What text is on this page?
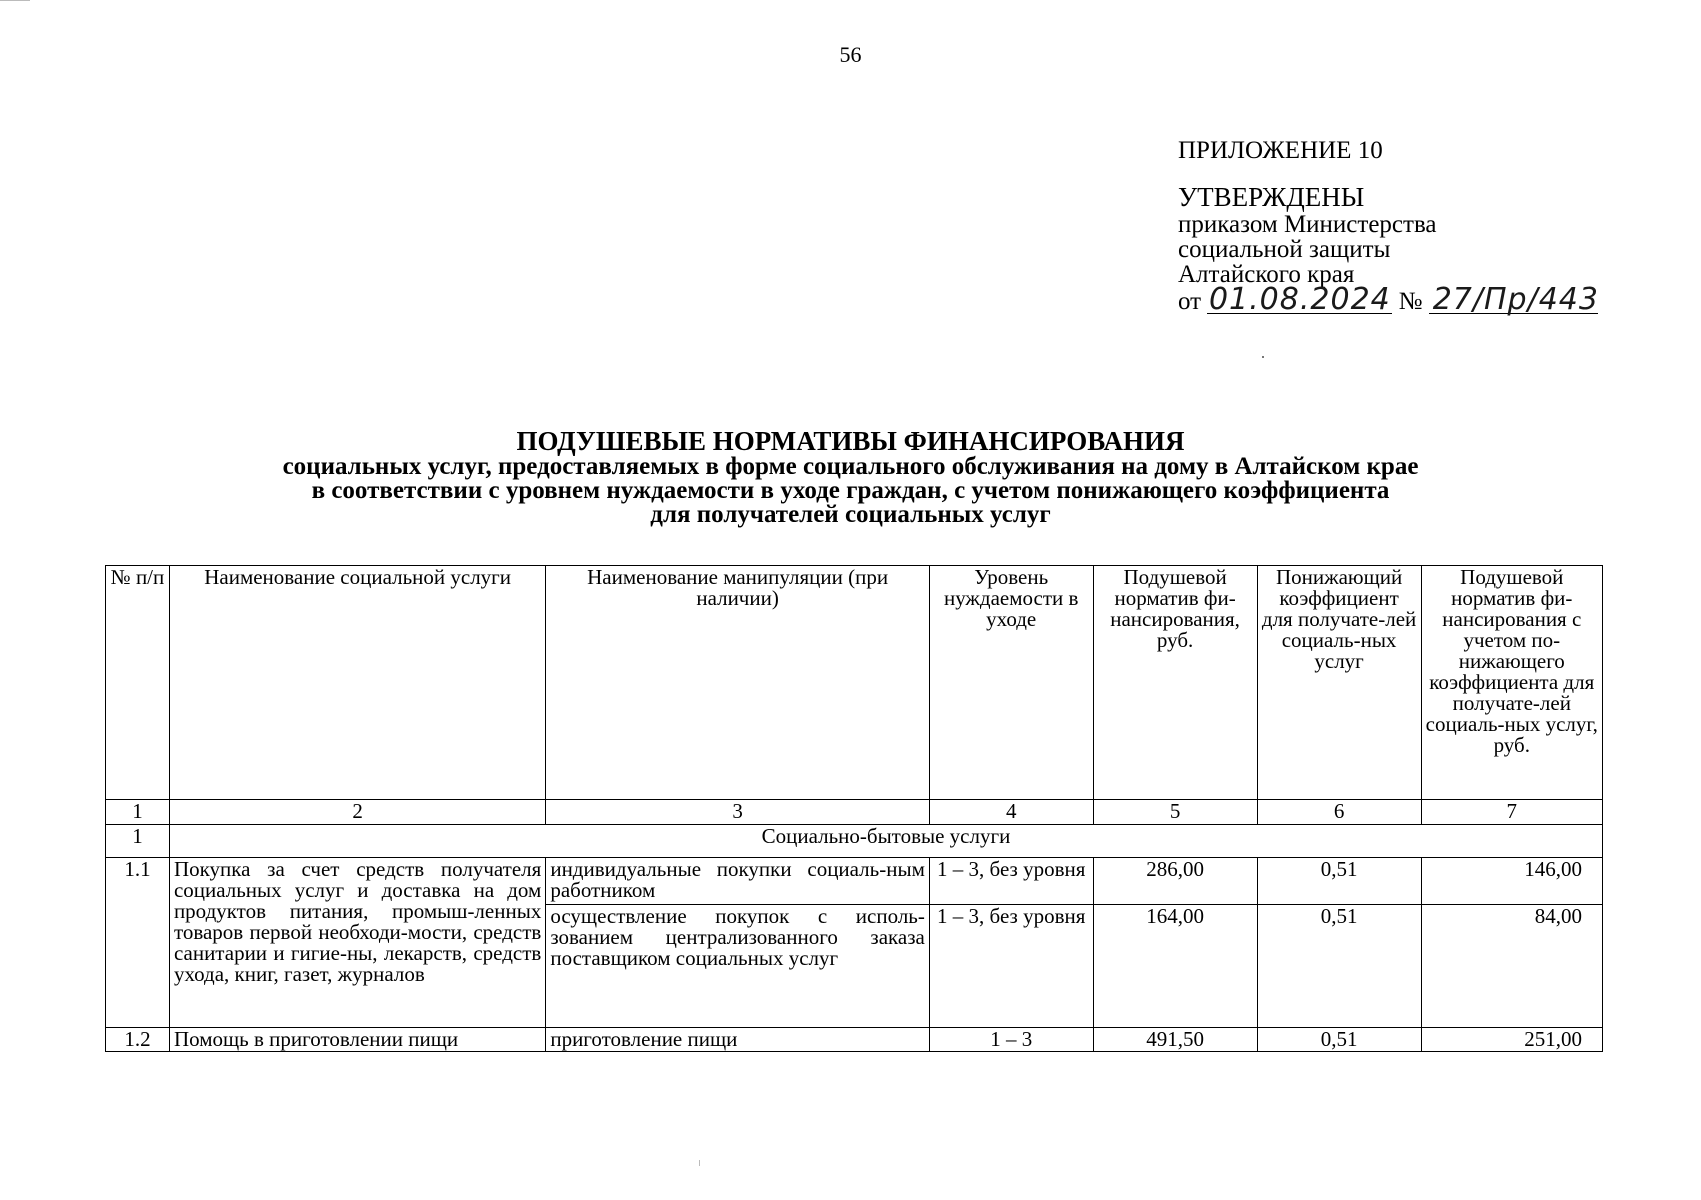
56
ПРИЛОЖЕНИЕ 10
УТВЕРЖДЕНЫ
приказом Министерства
социальной защиты
Алтайского края
от 01.08.2024 № 27/Пр/443
ПОДУШЕВЫЕ НОРМАТИВЫ ФИНАНСИРОВАНИЯ
социальных услуг, предоставляемых в форме социального обслуживания на дому в Алтайском крае
в соответствии с уровнем нуждаемости в уходе граждан, с учетом понижающего коэффициента
для получателей социальных услуг
№ п/п	Наименование социальной услуги	Наименование манипуляции (при наличии)	Уровень нуждаемости в уходе	Подушевой норматив фи-нансирования, руб.	Понижающий коэффициент для получате-лей социаль-ных услуг	Подушевой норматив фи-нансирования с учетом по-нижающего коэффициента для получате-лей социаль-ных услуг, руб.
1	2	3	4	5	6	7
1	Социально-бытовые услуги					
1.1	Покупка за счет средств получателя социальных услуг и доставка на дом продуктов питания, промыш-ленных товаров первой необходи-мости, средств санитарии и гигие-ны, лекарств, средств ухода, книг, газет, журналов	индивидуальные покупки социаль-ным работником	1 – 3, без уровня	286,00	0,51	146,00
		осуществление покупок с исполь-зованием централизованного заказа поставщиком социальных услуг	1 – 3, без уровня	164,00	0,51	84,00
1.2	Помощь в приготовлении пищи	приготовление пищи	1 – 3	491,50	0,51	251,00
